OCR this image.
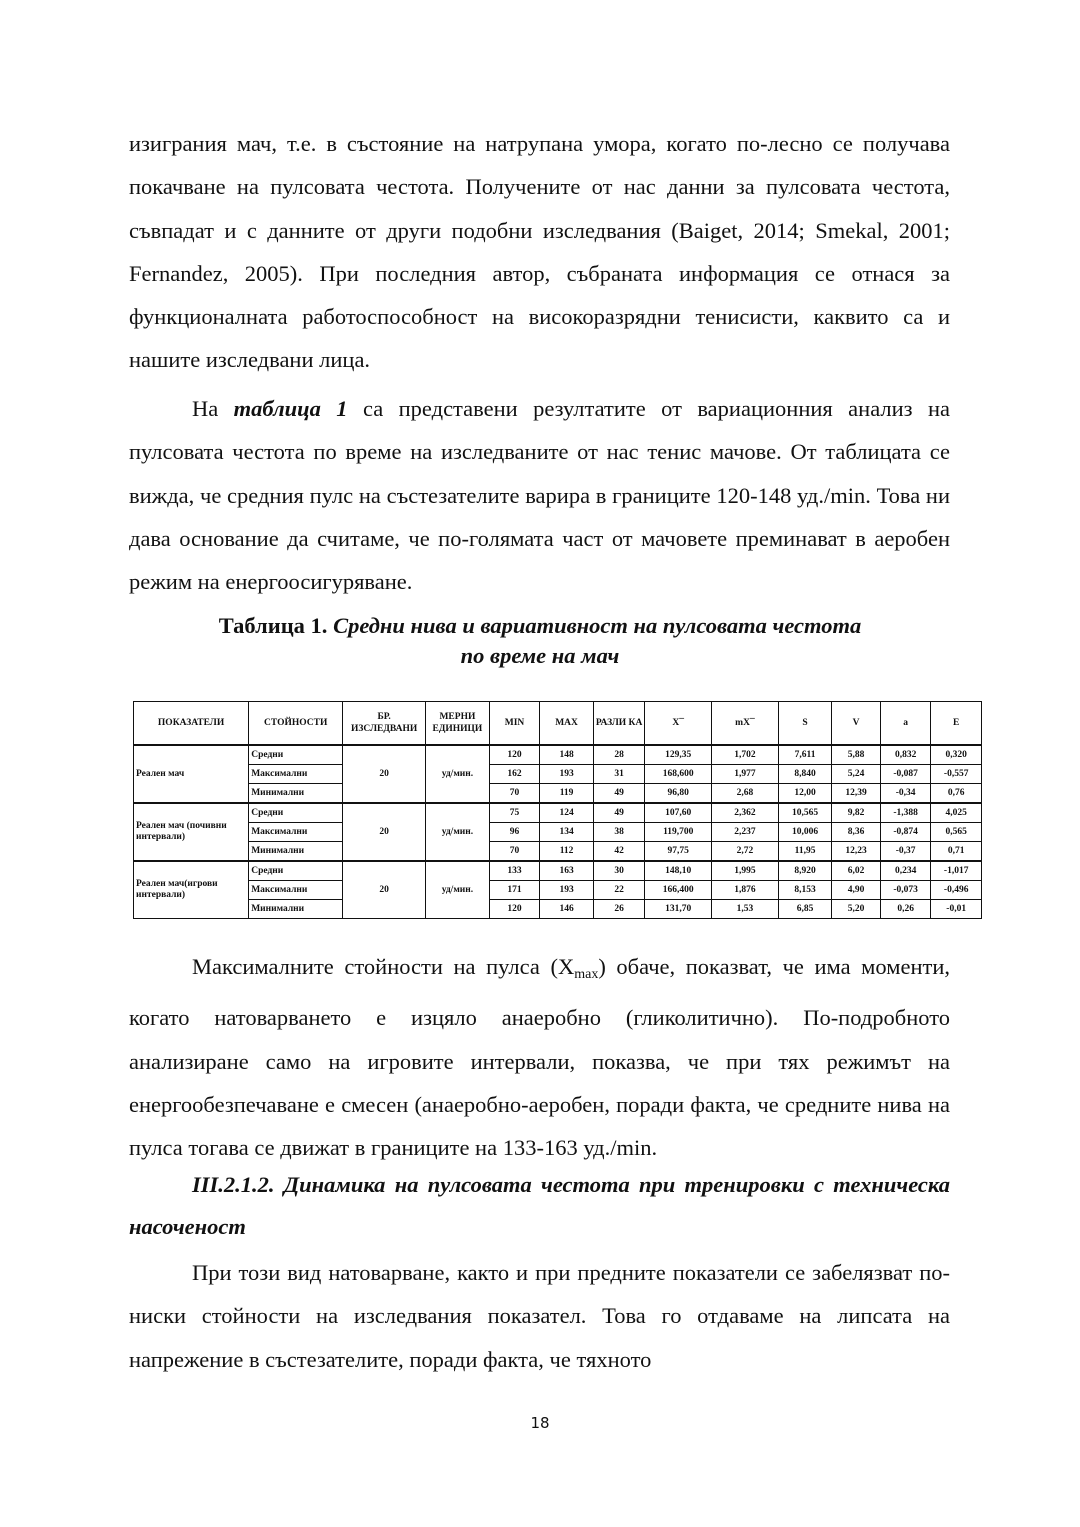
изиграния мач, т.е. в състояние на натрупана умора, когато по-лесно се получава покачване на пулсовата честота. Получените от нас данни за пулсовата честота, съвпадат и с данните от други подобни изследвания (Baiget, 2014; Smekal, 2001; Fernandez, 2005). При последния автор, събраната информация се отнася за функционалната работоспособност на високоразрядни тенисисти, каквито са и нашите изследвани лица.

На таблица 1 са представени резултатите от вариационния анализ на пулсовата честота по време на изследваните от нас тенис мачове. От таблицата се вижда, че средния пулс на състезателите варира в границите 120-148 уд./min. Това ни дава основание да считаме, че по-голямата част от мачовете преминават в аеробен режим на енергоосигуряване.

Таблица 1. Средни нива и вариативност на пулсовата честота
по време на мач
ПОКАЗАТЕЛИ	СТОЙНОСТИ	БР. ИЗСЛЕДВАНИ	МЕРНИ ЕДИНИЦИ	MIN	MAX	РАЗЛИ КА	X¯	mX¯	S	V	a	E
Реален мач	Средни	20	уд/мин.	120	148	28	129,35	1,702	7,611	5,88	0,832	0,320
	Максимални			162	193	31	168,600	1,977	8,840	5,24	-0,087	-0,557
	Минимални			70	119	49	96,80	2,68	12,00	12,39	-0,34	0,76
Реален мач (почивни интервали)	Средни	20	уд/мин.	75	124	49	107,60	2,362	10,565	9,82	-1,388	4,025
	Максимални			96	134	38	119,700	2,237	10,006	8,36	-0,874	0,565
	Минимални			70	112	42	97,75	2,72	11,95	12,23	-0,37	0,71
Реален мач(игрови интервали)	Средни	20	уд/мин.	133	163	30	148,10	1,995	8,920	6,02	0,234	-1,017
	Максимални			171	193	22	166,400	1,876	8,153	4,90	-0,073	-0,496
	Минимални			120	146	26	131,70	1,53	6,85	5,20	0,26	-0,01

Максималните стойности на пулса $(X_{max})$ обаче, показват, че има моменти, когато натоварването е изцяло анаеробно (гликолитично). По-подробното анализиране само на игровите интервали, показва, че при тях режимът на енергообезпечаване е смесен (анаеробно-аеробен, поради факта, че средните нива на пулса тогава се движат в границите на 133-163 уд./min.

III.2.1.2. Динамика на пулсовата честота при тренировки с техническа насоченост

При този вид натоварване, както и при предните показатели се забелязват по-ниски стойности на изследвания показател. Това го отдаваме на липсата на напрежение в състезателите, поради факта, че тяхното

18
